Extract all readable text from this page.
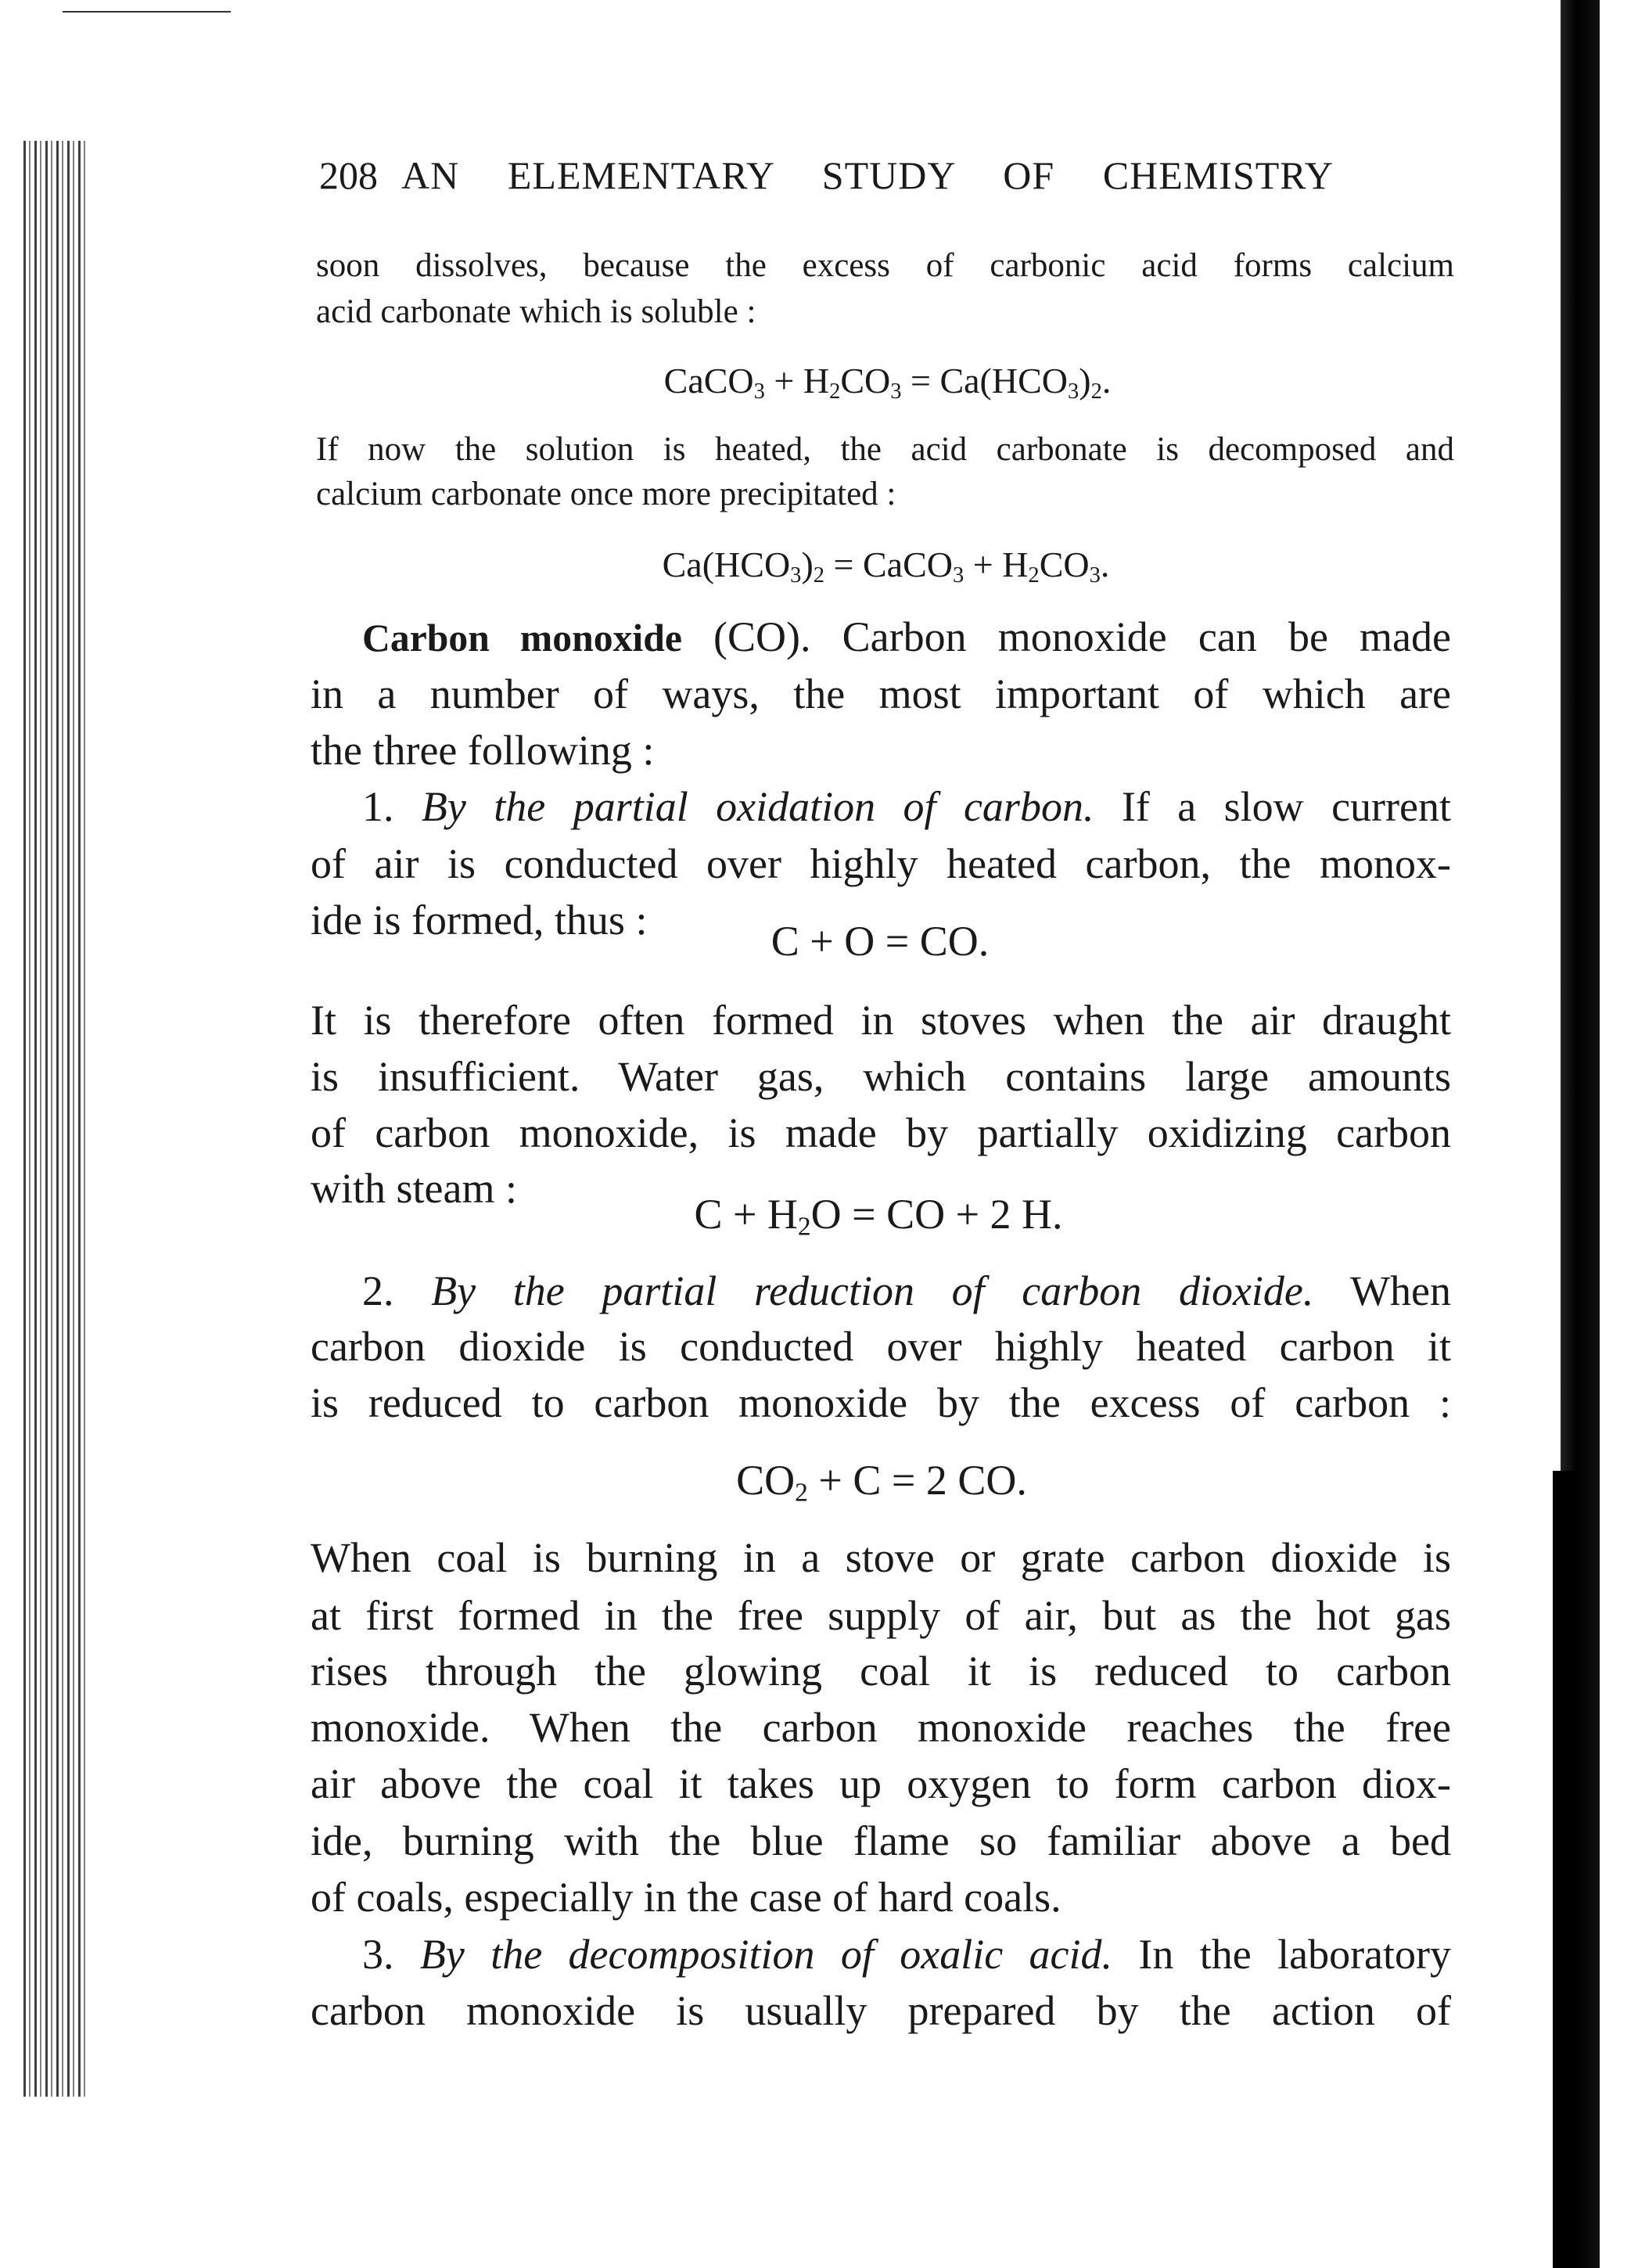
208 AN ELEMENTARY STUDY OF CHEMISTRY
soon dissolves, because the excess of carbonic acid forms calcium
acid carbonate which is soluble :
CaCO$_3$ + $H_2CO_3 = Ca(HCO_3)_2$.
If now the solution is heated, the acid carbonate is decomposed and
calcium carbonate once more precipitated :
$Ca(HCO_3)_2$ = CaCO$_3$ + $H_2CO_3$.
Carbon monoxide (CO). Carbon monoxide can be made
in a number of ways, the most important of which are
the three following :
1. By the partial oxidation of carbon. If a slow current
of air is conducted over highly heated carbon, the monox-
ide is formed, thus :	C + O = CO.
It is therefore often formed in stoves when the air draught
is insufficient. Water gas, which contains large amounts
of carbon monoxide, is made by partially oxidizing carbon
with steam :
$C + H_2O$ = CO + 2 H.
2. By the partial reduction of carbon dioxide. When
carbon dioxide is conducted over highly heated carbon it
is reduced to carbon monoxide by the excess of carbon :
$CO_2 + C = 2$ CO.
When coal is burning in a stove or grate carbon dioxide is
at first formed in the free supply of air, but as the hot gas
rises through the glowing coal it is reduced to carbon
monoxide. When the carbon monoxide reaches the free
air above the coal it takes up oxygen to form carbon diox-
ide, burning with the blue flame so familiar above a bed
of coals, especially in the case of hard coals.
3. By the decomposition of oxalic acid. In the laboratory
carbon monoxide is usually prepared by the action of
